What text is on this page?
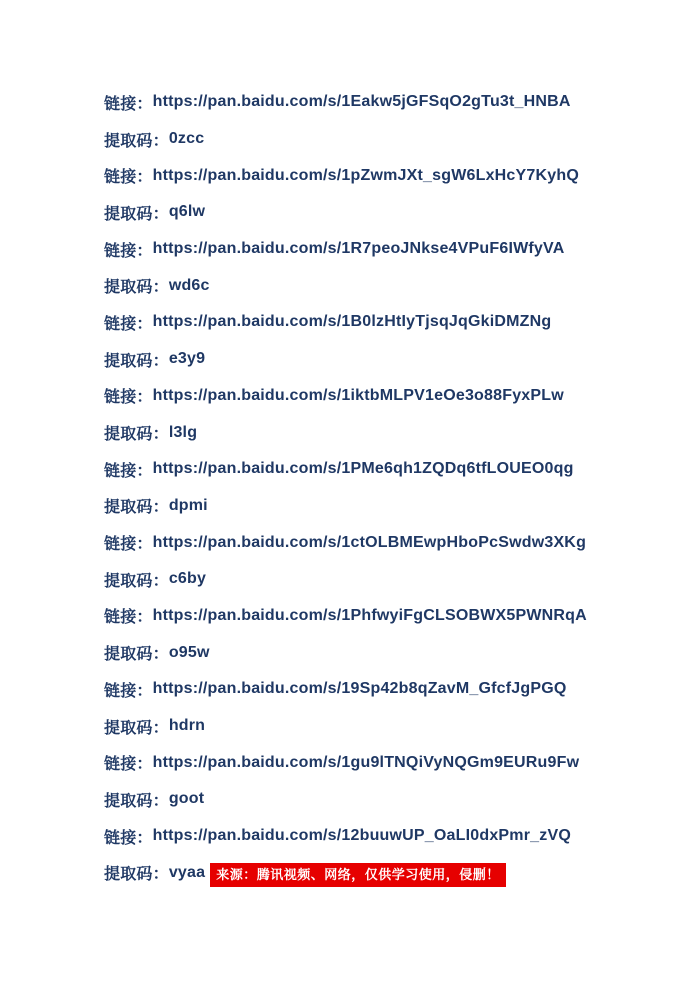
链接： https://pan.baidu.com/s/1Eakw5jGFSqO2gTu3t_HNBA

提取码： 0zcc

链接： https://pan.baidu.com/s/1pZwmJXt_sgW6LxHcY7KyhQ

提取码： q6lw

链接： https://pan.baidu.com/s/1R7peoJNkse4VPuF6IWfyVA

提取码： wd6c

链接： https://pan.baidu.com/s/1B0lzHtIyTjsqJqGkiDMZNg

提取码： e3y9

链接： https://pan.baidu.com/s/1iktbMLPV1eOe3o88FyxPLw

提取码： l3lg

链接： https://pan.baidu.com/s/1PMe6qh1ZQDq6tfLOUEO0qg

提取码： dpmi

链接： https://pan.baidu.com/s/1ctOLBMEwpHboPcSwdw3XKg

提取码： c6by

链接： https://pan.baidu.com/s/1PhfwyiFgCLSOBWX5PWNRqA

提取码： o95w

链接： https://pan.baidu.com/s/19Sp42b8qZavM_GfcfJgPGQ

提取码： hdrn

链接： https://pan.baidu.com/s/1gu9lTNQiVyNQGm9EURu9Fw

提取码： goot

链接： https://pan.baidu.com/s/12buuwUP_OaLI0dxPmr_zVQ

提取码： vyaa 来源：腾讯视频、网络，仅供学习使用，侵删！
